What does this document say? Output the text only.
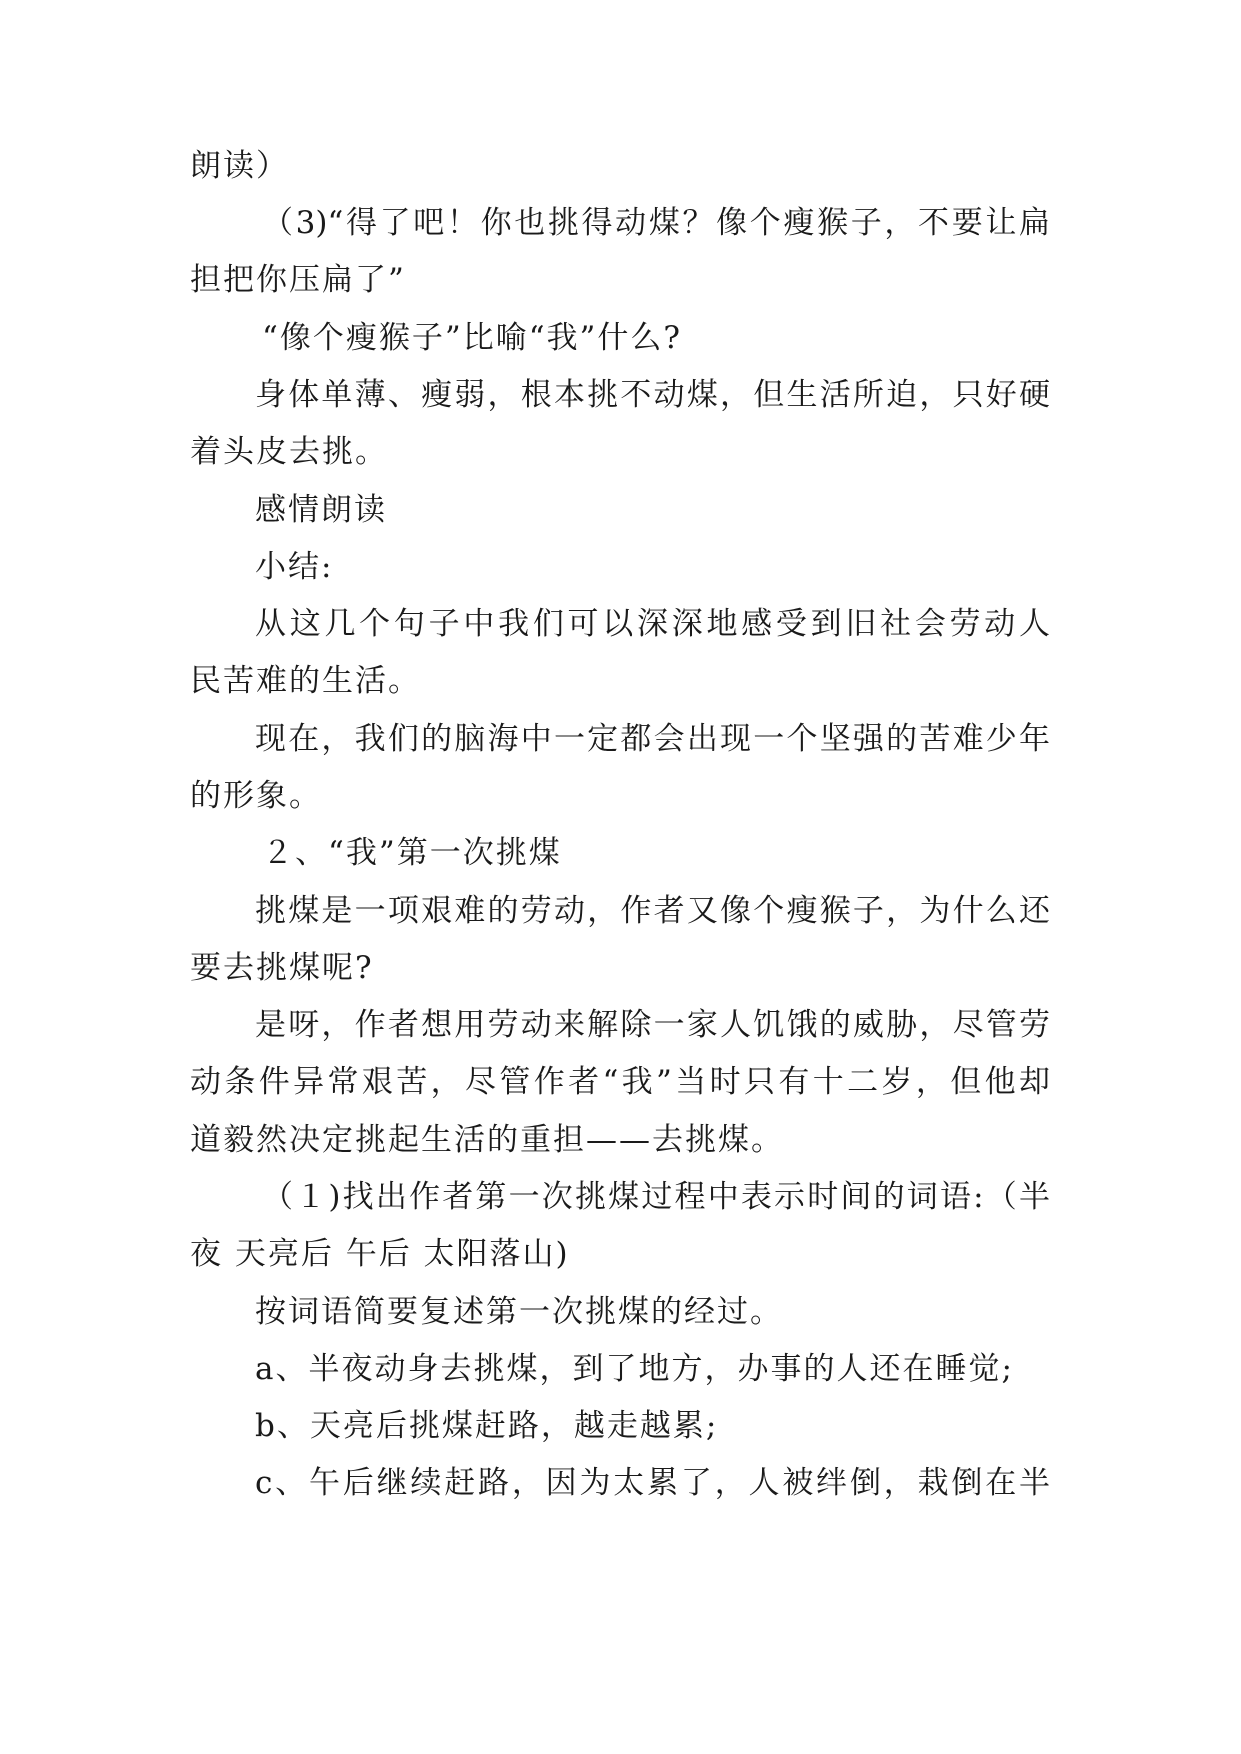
朗读）
（3)“得了吧！你也挑得动煤？像个瘦猴子，不要让扁
担把你压扁了”
“像个瘦猴子”比喻“我”什么?
身体单薄、瘦弱，根本挑不动煤，但生活所迫，只好硬
着头皮去挑。
感情朗读
小结:
从这几个句子中我们可以深深地感受到旧社会劳动人
民苦难的生活。
现在，我们的脑海中一定都会出现一个坚强的苦难少年
的形象。
２、“我”第一次挑煤
挑煤是一项艰难的劳动，作者又像个瘦猴子，为什么还
要去挑煤呢?
是呀，作者想用劳动来解除一家人饥饿的威胁，尽管劳
动条件异常艰苦，尽管作者“我”当时只有十二岁，但他却
道毅然决定挑起生活的重担——去挑煤。
（１)找出作者第一次挑煤过程中表示时间的词语:（半
夜 天亮后 午后 太阳落山)
按词语简要复述第一次挑煤的经过。
a、半夜动身去挑煤，到了地方，办事的人还在睡觉;
b、天亮后挑煤赶路，越走越累;
c、午后继续赶路，因为太累了，人被绊倒，栽倒在半
